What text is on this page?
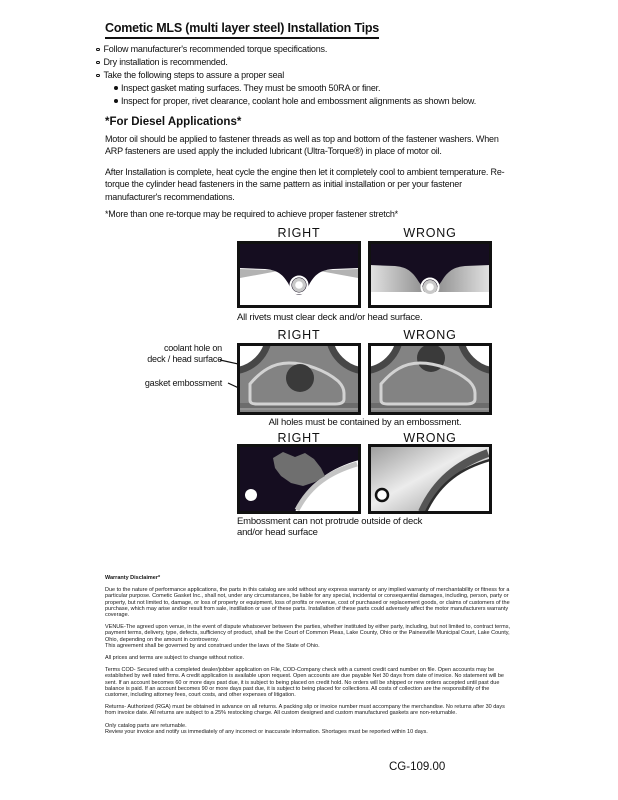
Cometic MLS (multi layer steel) Installation Tips
Follow manufacturer's recommended torque specifications.
Dry installation is recommended.
Take the following steps to assure a proper seal
Inspect gasket mating surfaces. They must be smooth 50RA or finer.
Inspect for proper, rivet clearance, coolant hole and embossment alignments as shown below.
*For Diesel Applications*
Motor oil should be applied to fastener threads as well as top and bottom of the fastener washers. When ARP fasteners are used apply the included lubricant (Ultra-Torque®) in place of motor oil.
After Installation is complete, heat cycle the engine then let it completely cool to ambient temperature. Re-torque the cylinder head fasteners in the same pattern as initial installation or per your fastener manufacturer's recommendations.
*More than one re-torque may be required to achieve proper fastener stretch*
RIGHT	WRONG
All rivets must clear deck and/or head surface.
RIGHT	WRONG
coolant hole on
deck / head surface
gasket embossment
All holes must be contained by an embossment.
RIGHT	WRONG
Embossment can not protrude outside of deck
and/or head surface
Warranty Disclaimer*
Due to the nature of performance applications, the parts in this catalog are sold without any express warranty or any implied warranty of merchantability or fitness for a particular purpose. Cometic Gasket Inc., shall not, under any circumstances, be liable for any special, incidental or consequential damages, including, person, party or property, but not limited to, damage, or loss of property or equipment, loss of profits or revenue, cost of purchased or replacement goods, or claims of customers of the purchase, which may arise and/or result from sale, instillation or use of these parts. Installation of these parts could adversely affect the motor manufacturers warranty coverage.
VENUE-The agreed upon venue, in the event of dispute whatsoever between the parties, whether instituted by either party, including, but not limited to, contract terms, payment terms, delivery, type, defects, sufficiency of product, shall be the Court of Common Pleas, Lake County, Ohio or the Painesville Municipal Court, Lake County, Ohio, depending on the amount in controversy.
This agreement shall be governed by and construed under the laws of the State of Ohio.
All prices and terms are subject to change without notice.
Terms COD- Secured with a completed dealer/jobber application on File, COD-Company check with a current credit card number on file. Open accounts may be established by well rated firms. A credit application is available upon request. Open accounts are due payable Net 30 days from date of invoice. No statement will be sent. If an account becomes 60 or more days past due, it is subject to being placed on credit hold. No orders will be shipped or new orders accepted until past due balance is paid. If an account becomes 90 or more days past due, it is subject to being placed for collections. All costs of collection are the responsibility of the customer, including attorney fees, court costs, and other expenses of litigation.
Returns- Authorized (RGA) must be obtained in advance on all returns. A packing slip or invoice number must accompany the merchandise. No returns after 30 days from invoice date. All returns are subject to a 25% restocking charge. All custom designed and custom manufactured gaskets are non-returnable.
Only catalog parts are returnable.
Review your invoice and notify us immediately of any incorrect or inaccurate information. Shortages must be reported within 10 days.
CG-109.00
